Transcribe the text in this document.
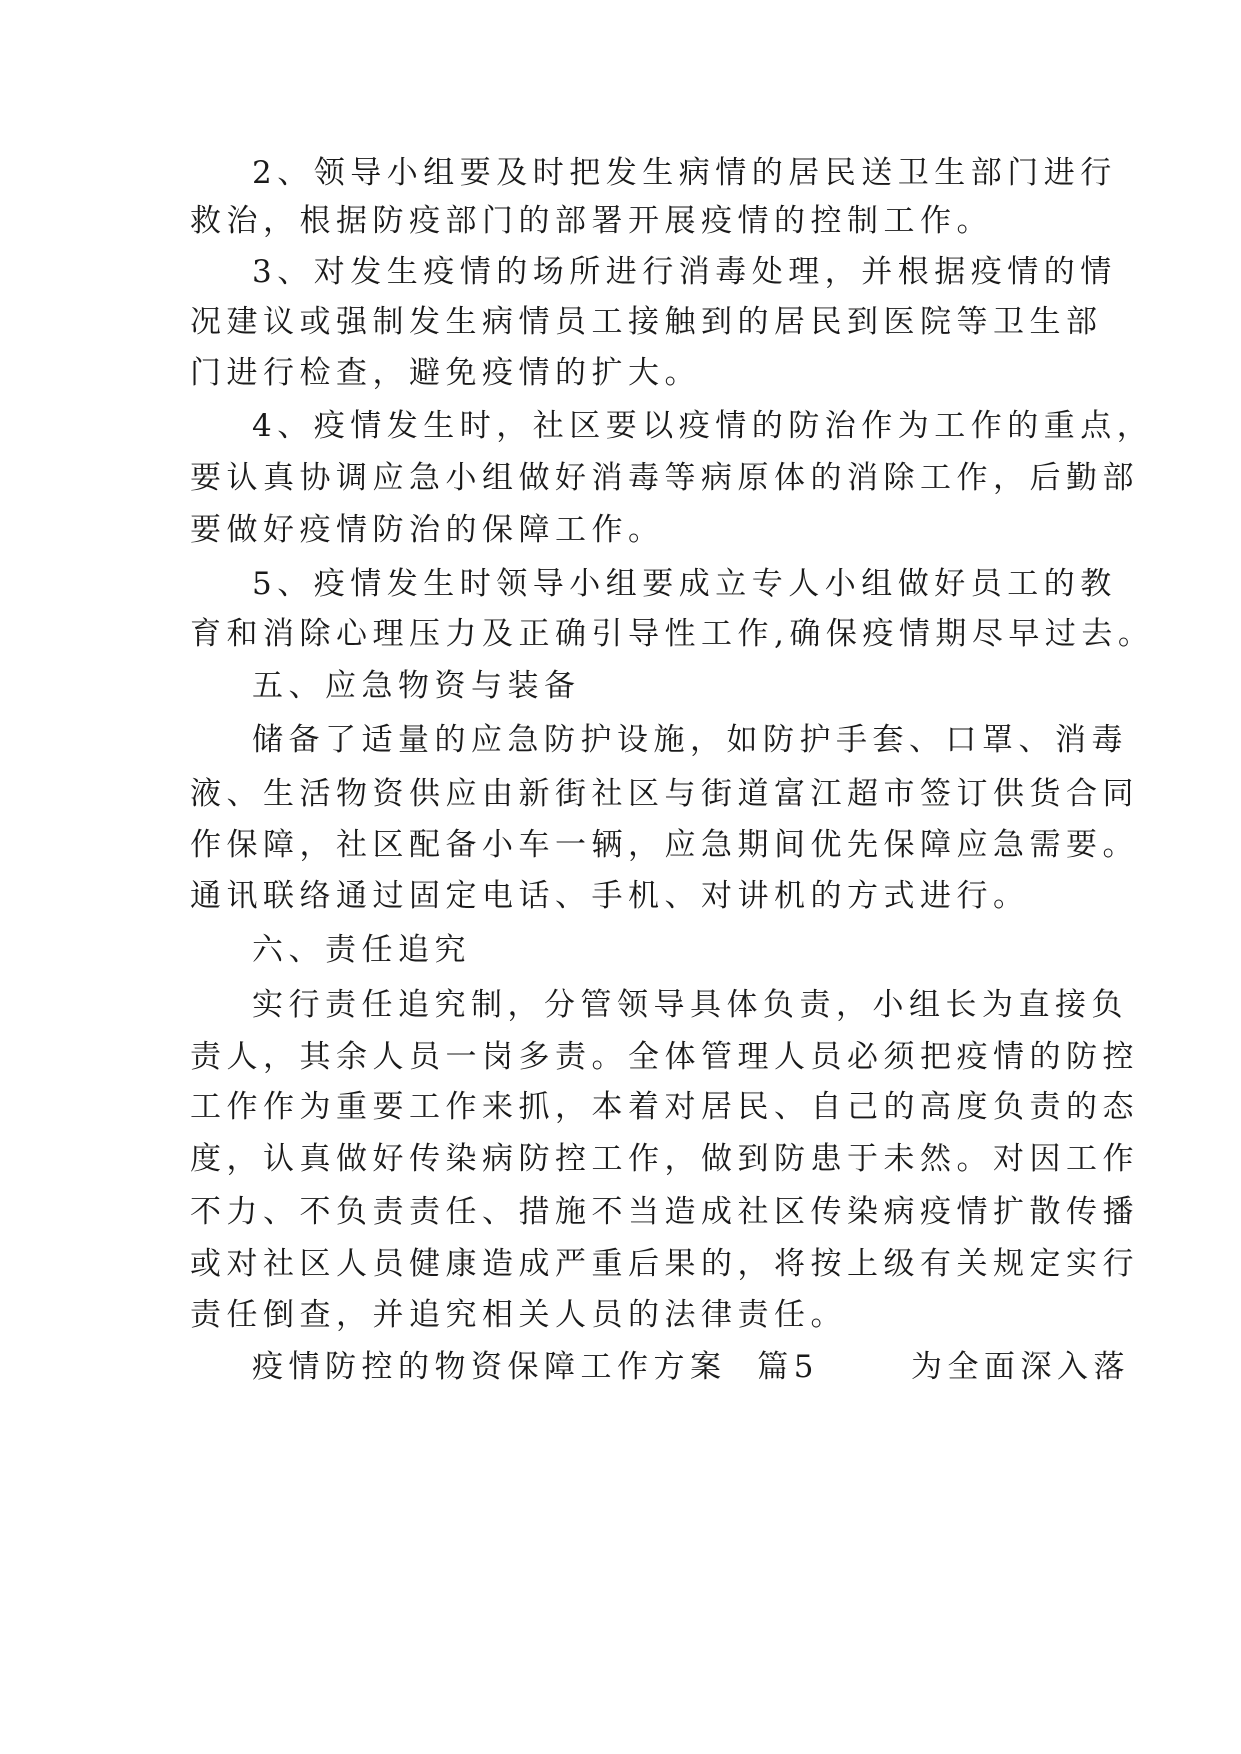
2、领导小组要及时把发生病情的居民送卫生部门进行
救治，根据防疫部门的部署开展疫情的控制工作。
3、对发生疫情的场所进行消毒处理，并根据疫情的情
况建议或强制发生病情员工接触到的居民到医院等卫生部
门进行检查，避免疫情的扩大。
4、疫情发生时，社区要以疫情的防治作为工作的重点，
要认真协调应急小组做好消毒等病原体的消除工作，后勤部
要做好疫情防治的保障工作。
5、疫情发生时领导小组要成立专人小组做好员工的教
育和消除心理压力及正确引导性工作,确保疫情期尽早过去。
五、应急物资与装备
储备了适量的应急防护设施，如防护手套、口罩、消毒
液、生活物资供应由新街社区与街道富江超市签订供货合同
作保障，社区配备小车一辆，应急期间优先保障应急需要。
通讯联络通过固定电话、手机、对讲机的方式进行。
六、责任追究
实行责任追究制，分管领导具体负责，小组长为直接负
责人，其余人员一岗多责。全体管理人员必须把疫情的防控
工作作为重要工作来抓，本着对居民、自己的高度负责的态
度，认真做好传染病防控工作，做到防患于未然。对因工作
不力、不负责责任、措施不当造成社区传染病疫情扩散传播
或对社区人员健康造成严重后果的，将按上级有关规定实行
责任倒查，并追究相关人员的法律责任。
疫情防控的物资保障工作方案  篇5      为全面深入落
